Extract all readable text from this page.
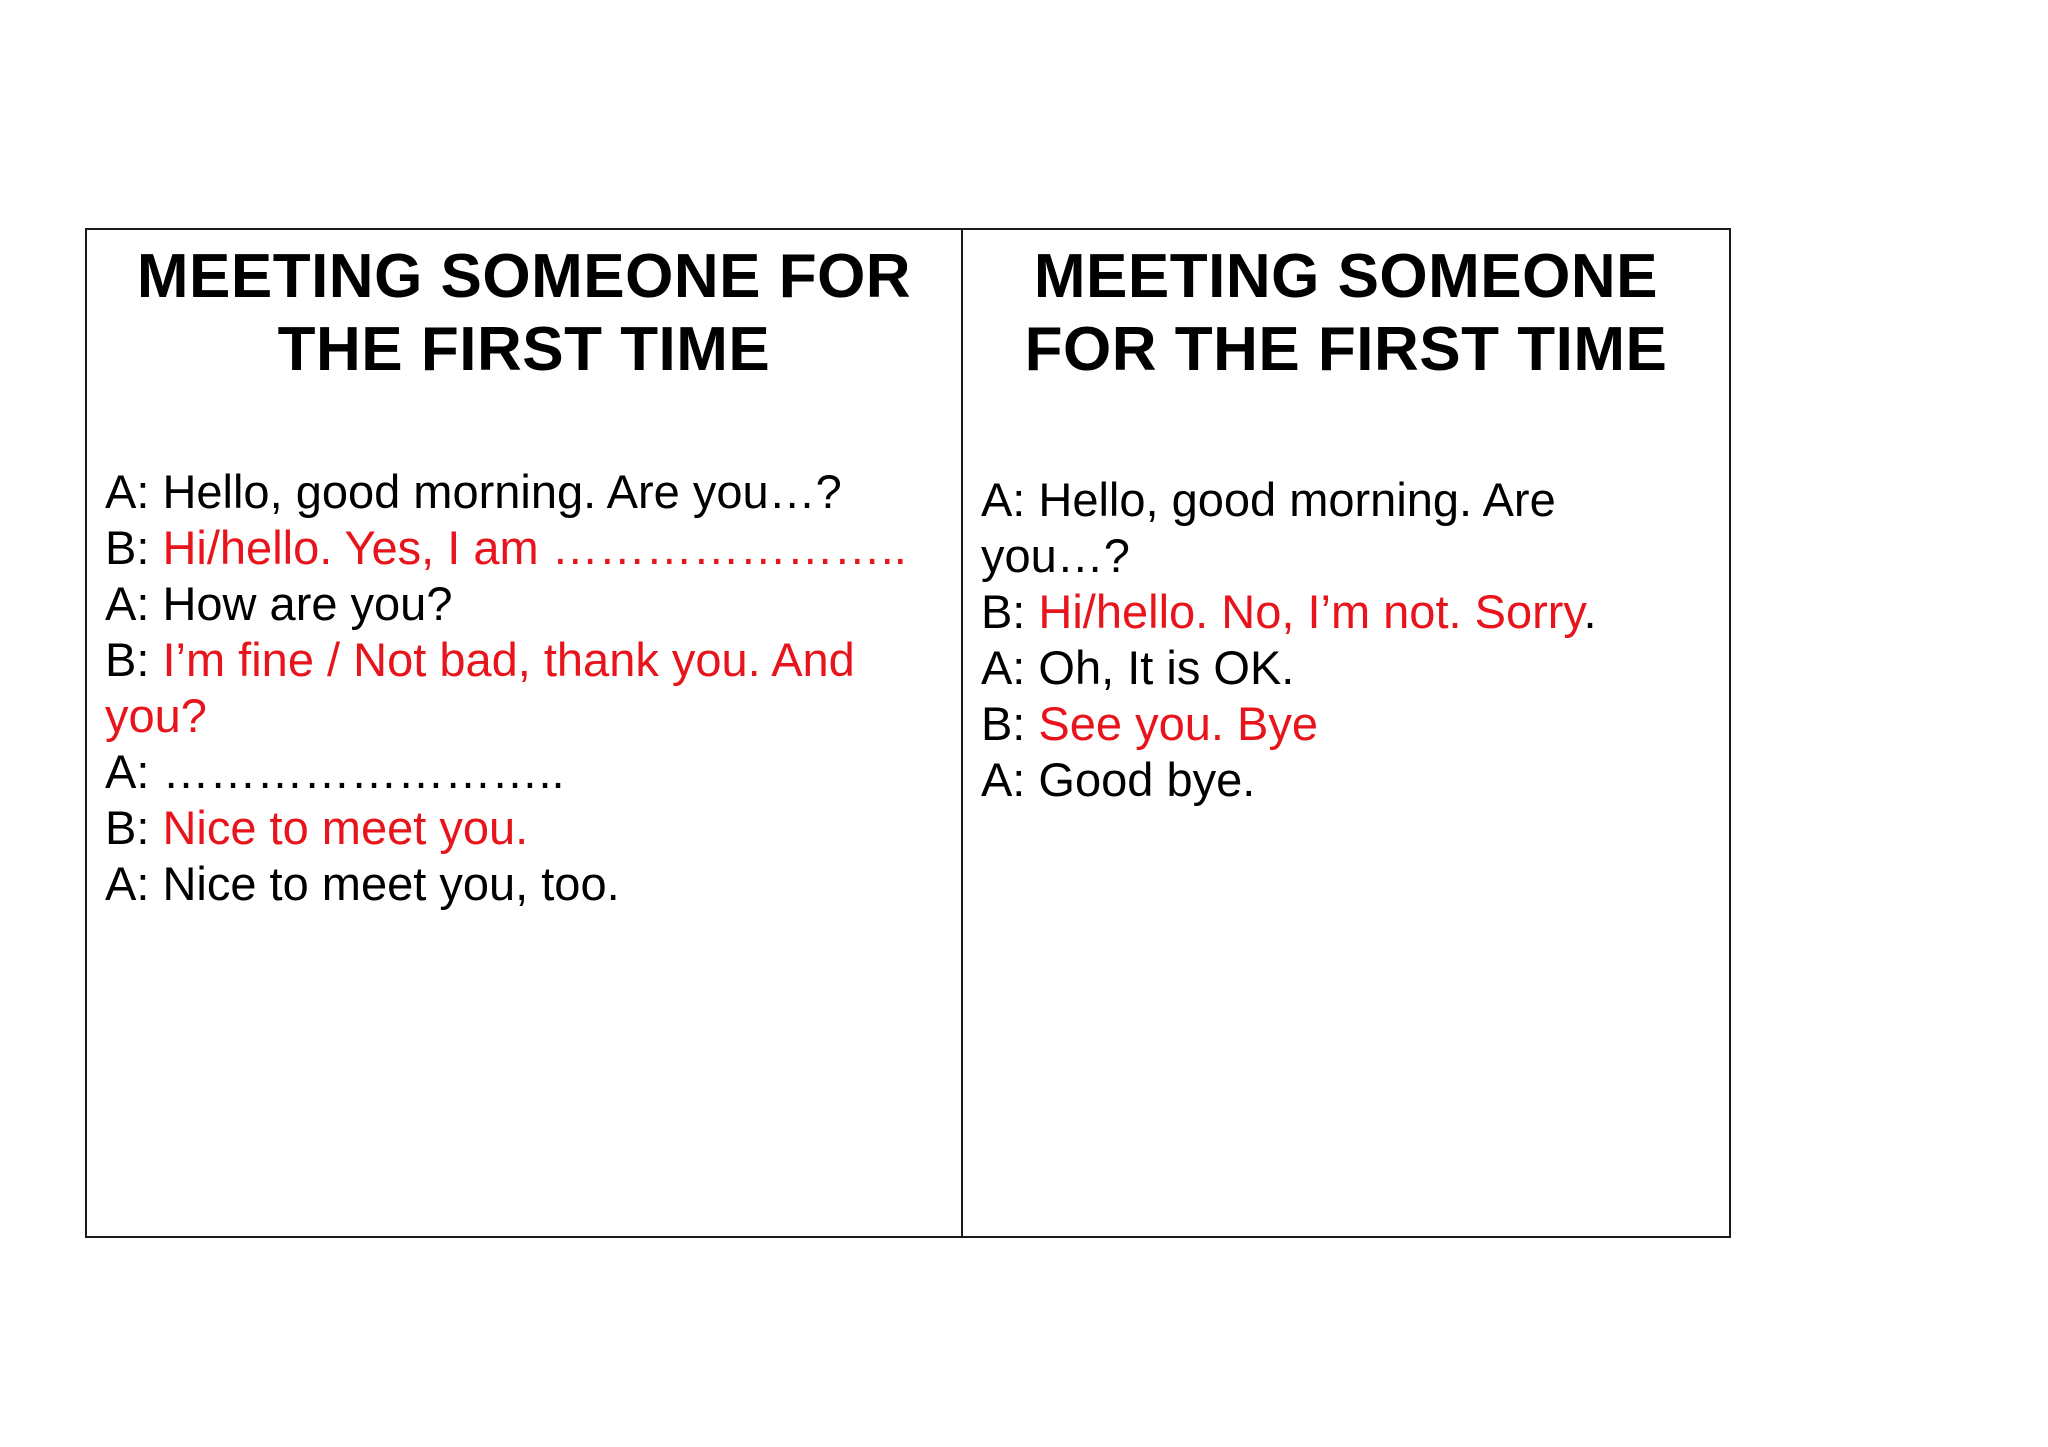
MEETING SOMEONE FOR
THE FIRST TIME
A: Hello, good morning. Are you…?
B: Hi/hello. Yes, I am …………………..
A: How are you?
B: I’m fine / Not bad, thank you. And you?
A: ……………………..
B: Nice to meet you.
A: Nice to meet you, too.
MEETING SOMEONE
FOR THE FIRST TIME
A: Hello, good morning. Are you…?
B: Hi/hello. No, I’m not. Sorry.
A: Oh, It is OK.
B: See you. Bye
A: Good bye.
